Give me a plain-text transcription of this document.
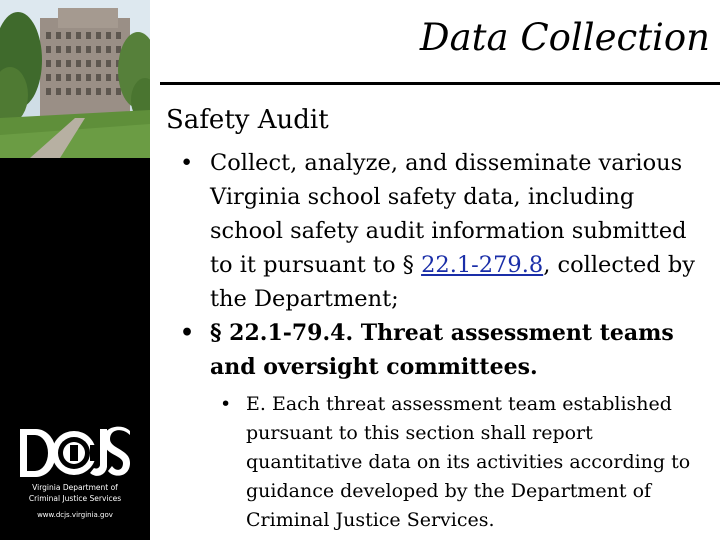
Virginia Department of
Criminal Justice Services
www.dcjs.virginia.gov
Data Collection
Safety Audit
• Collect, analyze, and disseminate various Virginia school safety data, including school safety audit information submitted to it pursuant to § 22.1-279.8, collected by the Department;
• § 22.1-79.4. Threat assessment teams and oversight committees.
• E. Each threat assessment team established pursuant to this section shall report quantitative data on its activities according to guidance developed by the Department of Criminal Justice Services.
